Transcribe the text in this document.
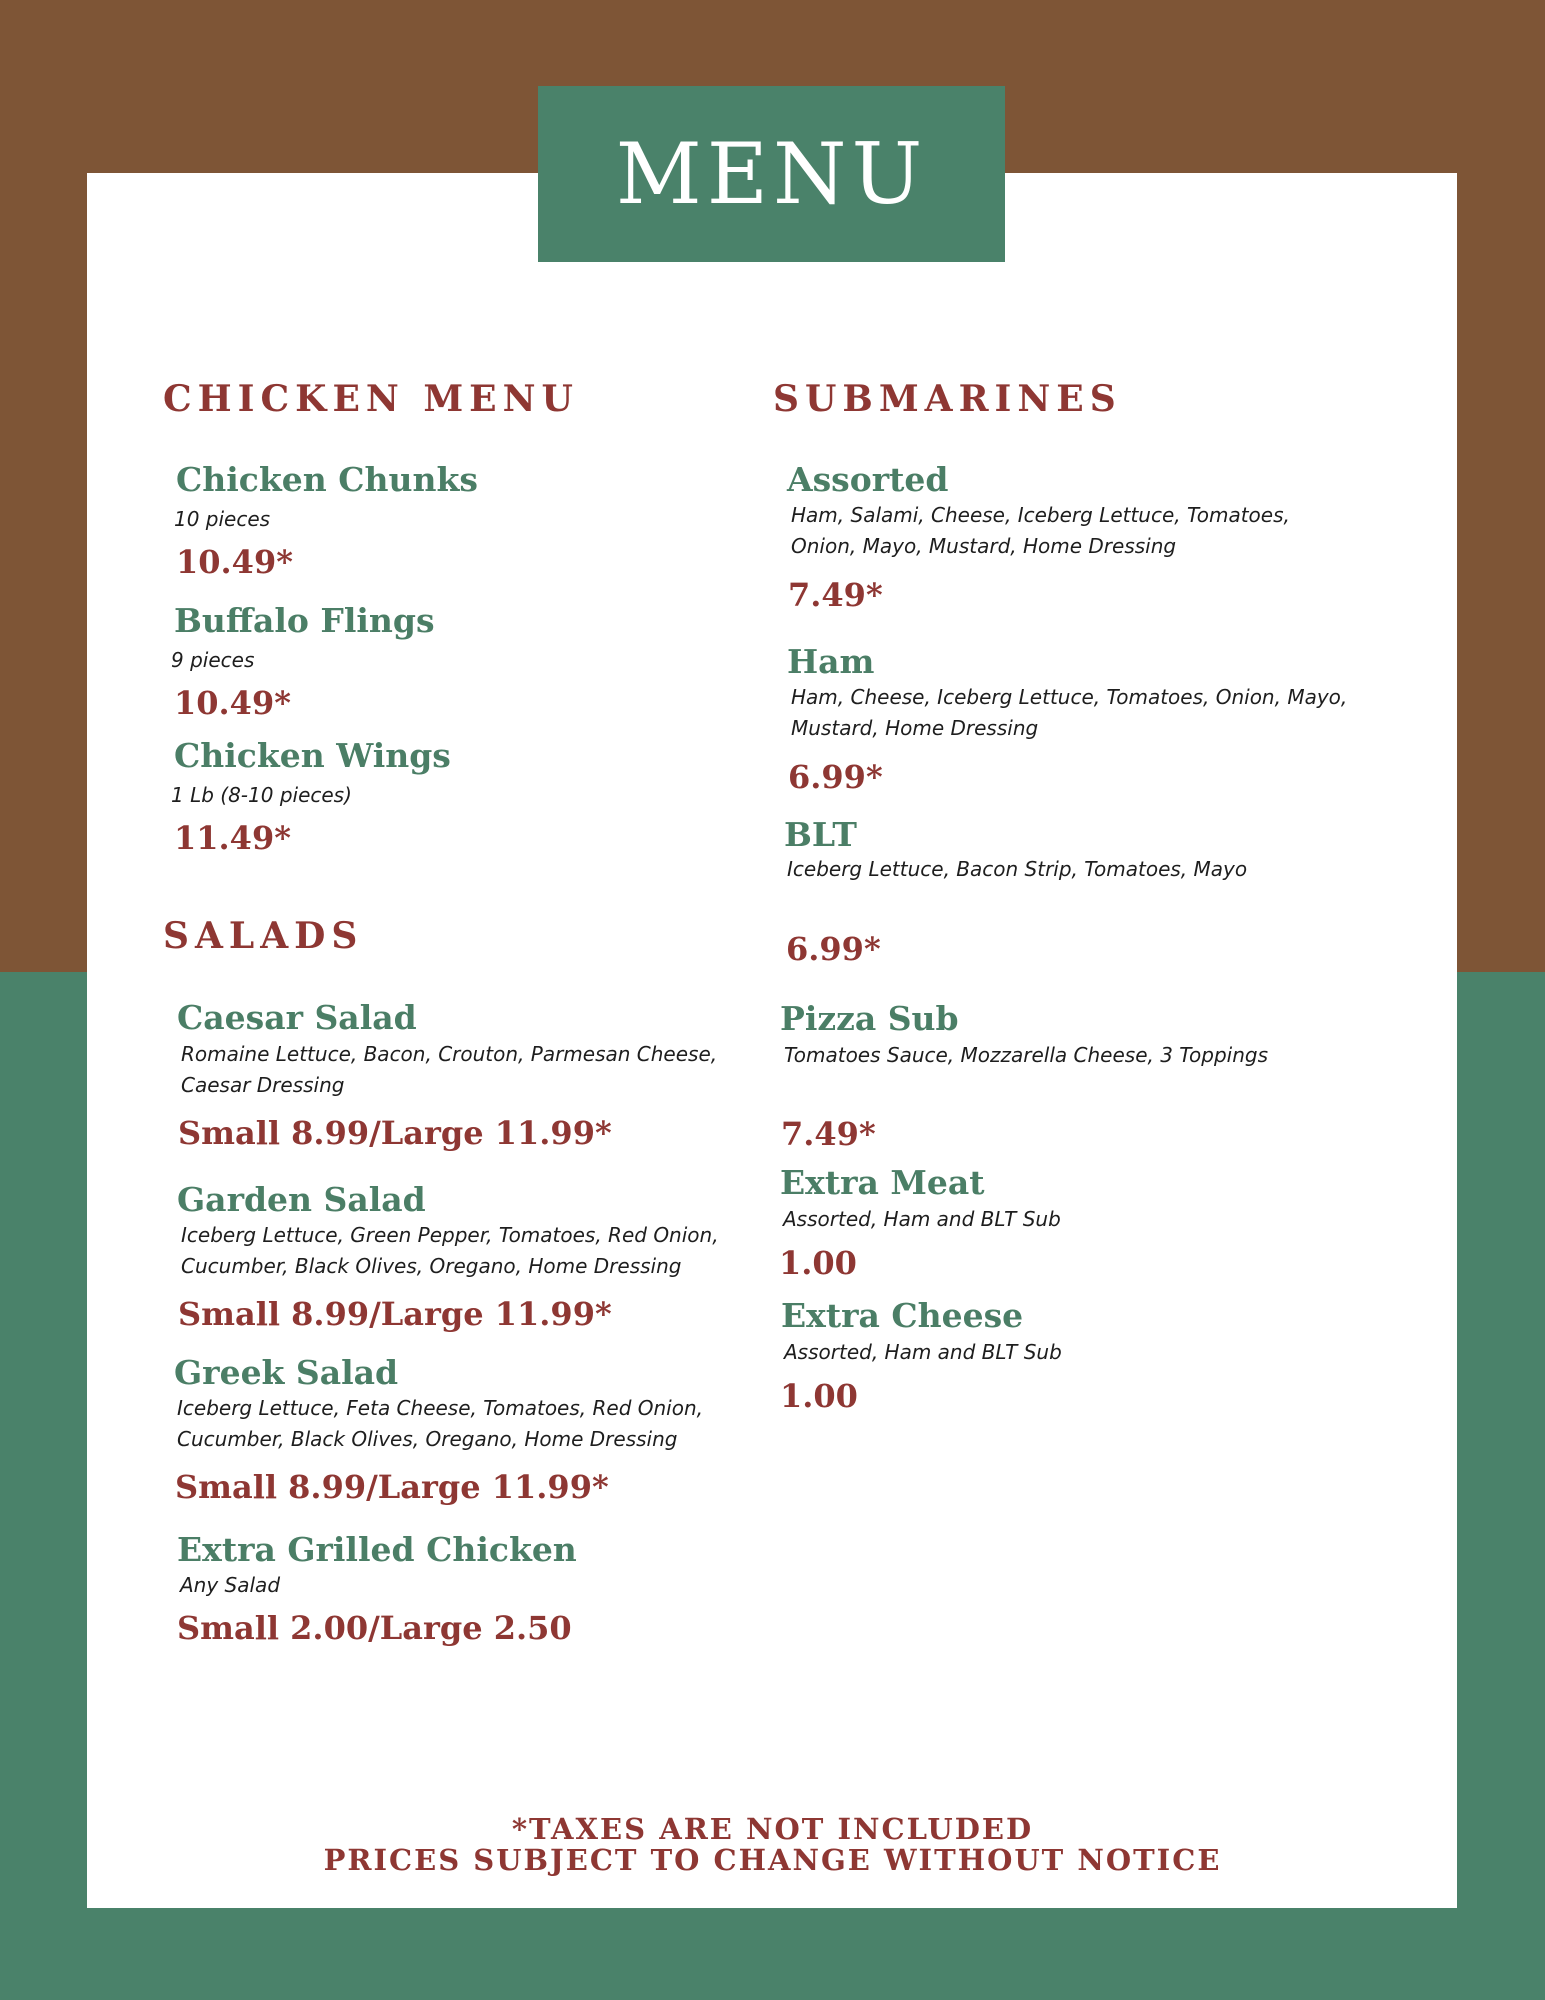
MENU
CHICKEN MENU
Chicken Chunks
10 pieces
10.49*
Buffalo Flings
9 pieces
10.49*
Chicken Wings
1 Lb (8-10 pieces)
11.49*
SALADS
Caesar Salad
Romaine Lettuce, Bacon, Crouton, Parmesan Cheese,
Caesar Dressing
Small 8.99/Large 11.99*
Garden Salad
Iceberg Lettuce, Green Pepper, Tomatoes, Red Onion,
Cucumber, Black Olives, Oregano, Home Dressing
Small 8.99/Large 11.99*
Greek Salad
Iceberg Lettuce, Feta Cheese, Tomatoes, Red Onion,
Cucumber, Black Olives, Oregano, Home Dressing
Small 8.99/Large 11.99*
Extra Grilled Chicken
Any Salad
Small 2.00/Large 2.50
SUBMARINES
Assorted
Ham, Salami, Cheese, Iceberg Lettuce, Tomatoes,
Onion, Mayo, Mustard, Home Dressing
7.49*
Ham
Ham, Cheese, Iceberg Lettuce, Tomatoes, Onion, Mayo,
Mustard, Home Dressing
6.99*
BLT
Iceberg Lettuce, Bacon Strip, Tomatoes, Mayo
6.99*
Pizza Sub
Tomatoes Sauce, Mozzarella Cheese, 3 Toppings
7.49*
Extra Meat
Assorted, Ham and BLT Sub
1.00
Extra Cheese
Assorted, Ham and BLT Sub
1.00
*TAXES ARE NOT INCLUDED
PRICES SUBJECT TO CHANGE WITHOUT NOTICE
